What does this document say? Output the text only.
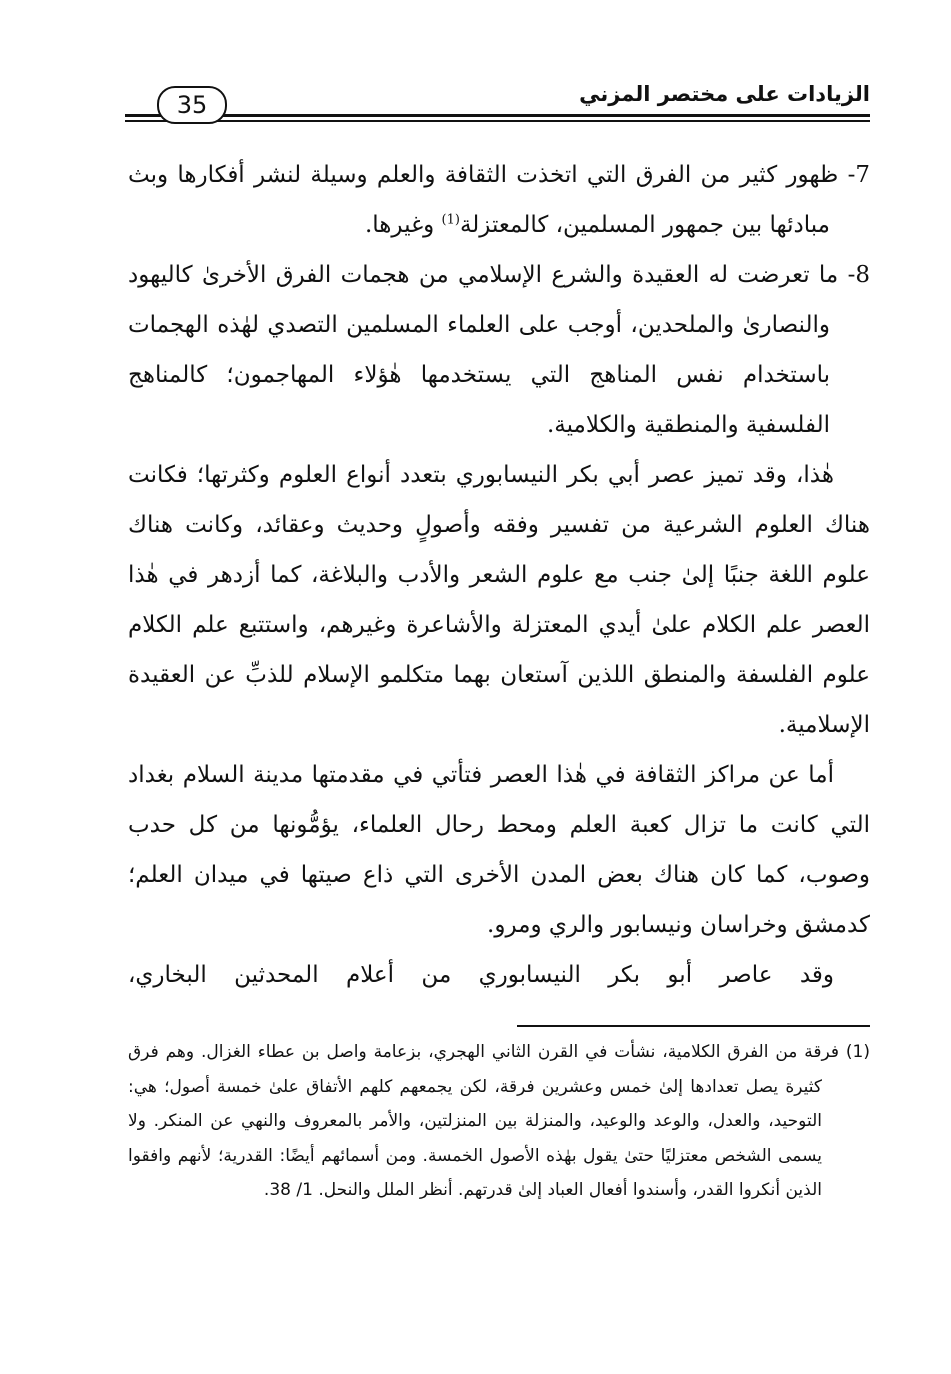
الزيادات على مختصر المزني
35

7- ظهور كثير من الفرق التي اتخذت الثقافة والعلم وسيلة لنشر أفكارها وبث مبادئها بين جمهور المسلمين، كالمعتزلة$^{(1)}$ وغيرها.

8- ما تعرضت له العقيدة والشرع الإسلامي من هجمات الفرق الأخرىٰ كاليهود والنصارىٰ والملحدين، أوجب على العلماء المسلمين التصدي لهٰذه الهجمات باستخدام نفس المناهج التي يستخدمها هٰؤلاء المهاجمون؛ كالمناهج الفلسفية والمنطقية والكلامية.

هٰذا، وقد تميز عصر أبي بكر النيسابوري بتعدد أنواع العلوم وكثرتها؛ فكانت هناك العلوم الشرعية من تفسير وفقه وأصولٍ وحديث وعقائد، وكانت هناك علوم اللغة جنبًا إلىٰ جنب مع علوم الشعر والأدب والبلاغة، كما أزدهر في هٰذا العصر علم الكلام علىٰ أيدي المعتزلة والأشاعرة وغيرهم، واستتبع علم الكلام علوم الفلسفة والمنطق اللذين آستعان بهما متكلمو الإسلام للذبِّ عن العقيدة الإسلامية.

أما عن مراكز الثقافة في هٰذا العصر فتأتي في مقدمتها مدينة السلام بغداد التي كانت ما تزال كعبة العلم ومحط رحال العلماء، يؤمُّونها من كل حدب وصوب، كما كان هناك بعض المدن الأخرى التي ذاع صيتها في ميدان العلم؛ كدمشق وخراسان ونيسابور والري ومرو.

وقد عاصر أبو بكر النيسابوري من أعلام المحدثين البخاري،

(1) فرقة من الفرق الكلامية، نشأت في القرن الثاني الهجري، بزعامة واصل بن عطاء الغزال. وهم فرق كثيرة يصل تعدادها إلىٰ خمس وعشرين فرقة، لكن يجمعهم كلهم الأتفاق علىٰ خمسة أصول؛ هي: التوحيد، والعدل، والوعد والوعيد، والمنزلة بين المنزلتين، والأمر بالمعروف والنهي عن المنكر. ولا يسمى الشخص معتزليًا حتىٰ يقول بهٰذه الأصول الخمسة. ومن أسمائهم أيضًا: القدرية؛ لأنهم وافقوا الذين أنكروا القدر، وأسندوا أفعال العباد إلىٰ قدرتهم. أنظر الملل والنحل. 1/ 38.
